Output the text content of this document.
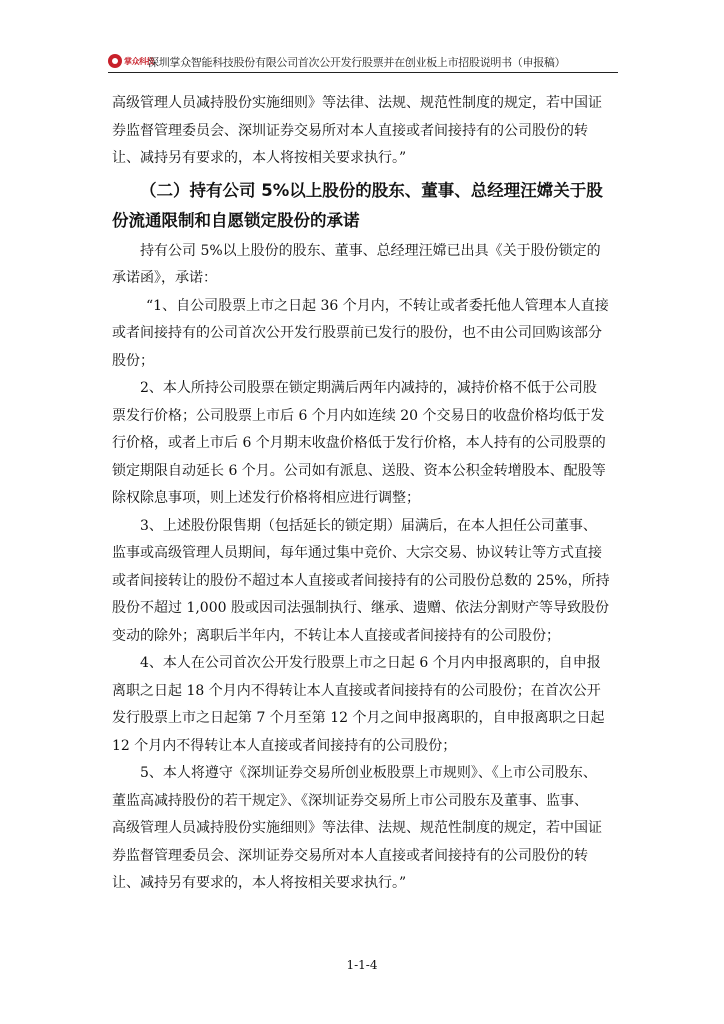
掌众科技
深圳掌众智能科技股份有限公司首次公开发行股票并在创业板上市招股说明书（申报稿）
高级管理人员减持股份实施细则》等法律、法规、规范性制度的规定，若中国证
券监督管理委员会、深圳证券交易所对本人直接或者间接持有的公司股份的转
让、减持另有要求的，本人将按相关要求执行。”
（二）持有公司 5%以上股份的股东、董事、总经理汪嫦关于股
份流通限制和自愿锁定股份的承诺
持有公司 5%以上股份的股东、董事、总经理汪嫦已出具《关于股份锁定的
承诺函》，承诺：
“1、自公司股票上市之日起 36 个月内，不转让或者委托他人管理本人直接
或者间接持有的公司首次公开发行股票前已发行的股份，也不由公司回购该部分
股份；
2、本人所持公司股票在锁定期满后两年内减持的，减持价格不低于公司股
票发行价格；公司股票上市后 6 个月内如连续 20 个交易日的收盘价格均低于发
行价格，或者上市后 6 个月期末收盘价格低于发行价格，本人持有的公司股票的
锁定期限自动延长 6 个月。公司如有派息、送股、资本公积金转增股本、配股等
除权除息事项，则上述发行价格将相应进行调整；
3、上述股份限售期（包括延长的锁定期）届满后，在本人担任公司董事、
监事或高级管理人员期间，每年通过集中竞价、大宗交易、协议转让等方式直接
或者间接转让的股份不超过本人直接或者间接持有的公司股份总数的 25%，所持
股份不超过 1,000 股或因司法强制执行、继承、遗赠、依法分割财产等导致股份
变动的除外；离职后半年内，不转让本人直接或者间接持有的公司股份；
4、本人在公司首次公开发行股票上市之日起 6 个月内申报离职的，自申报
离职之日起 18 个月内不得转让本人直接或者间接持有的公司股份；在首次公开
发行股票上市之日起第 7 个月至第 12 个月之间申报离职的，自申报离职之日起
12 个月内不得转让本人直接或者间接持有的公司股份；
5、本人将遵守《深圳证券交易所创业板股票上市规则》、《上市公司股东、
董监高减持股份的若干规定》、《深圳证券交易所上市公司股东及董事、监事、
高级管理人员减持股份实施细则》等法律、法规、规范性制度的规定，若中国证
券监督管理委员会、深圳证券交易所对本人直接或者间接持有的公司股份的转
让、减持另有要求的，本人将按相关要求执行。”
1-1-4
